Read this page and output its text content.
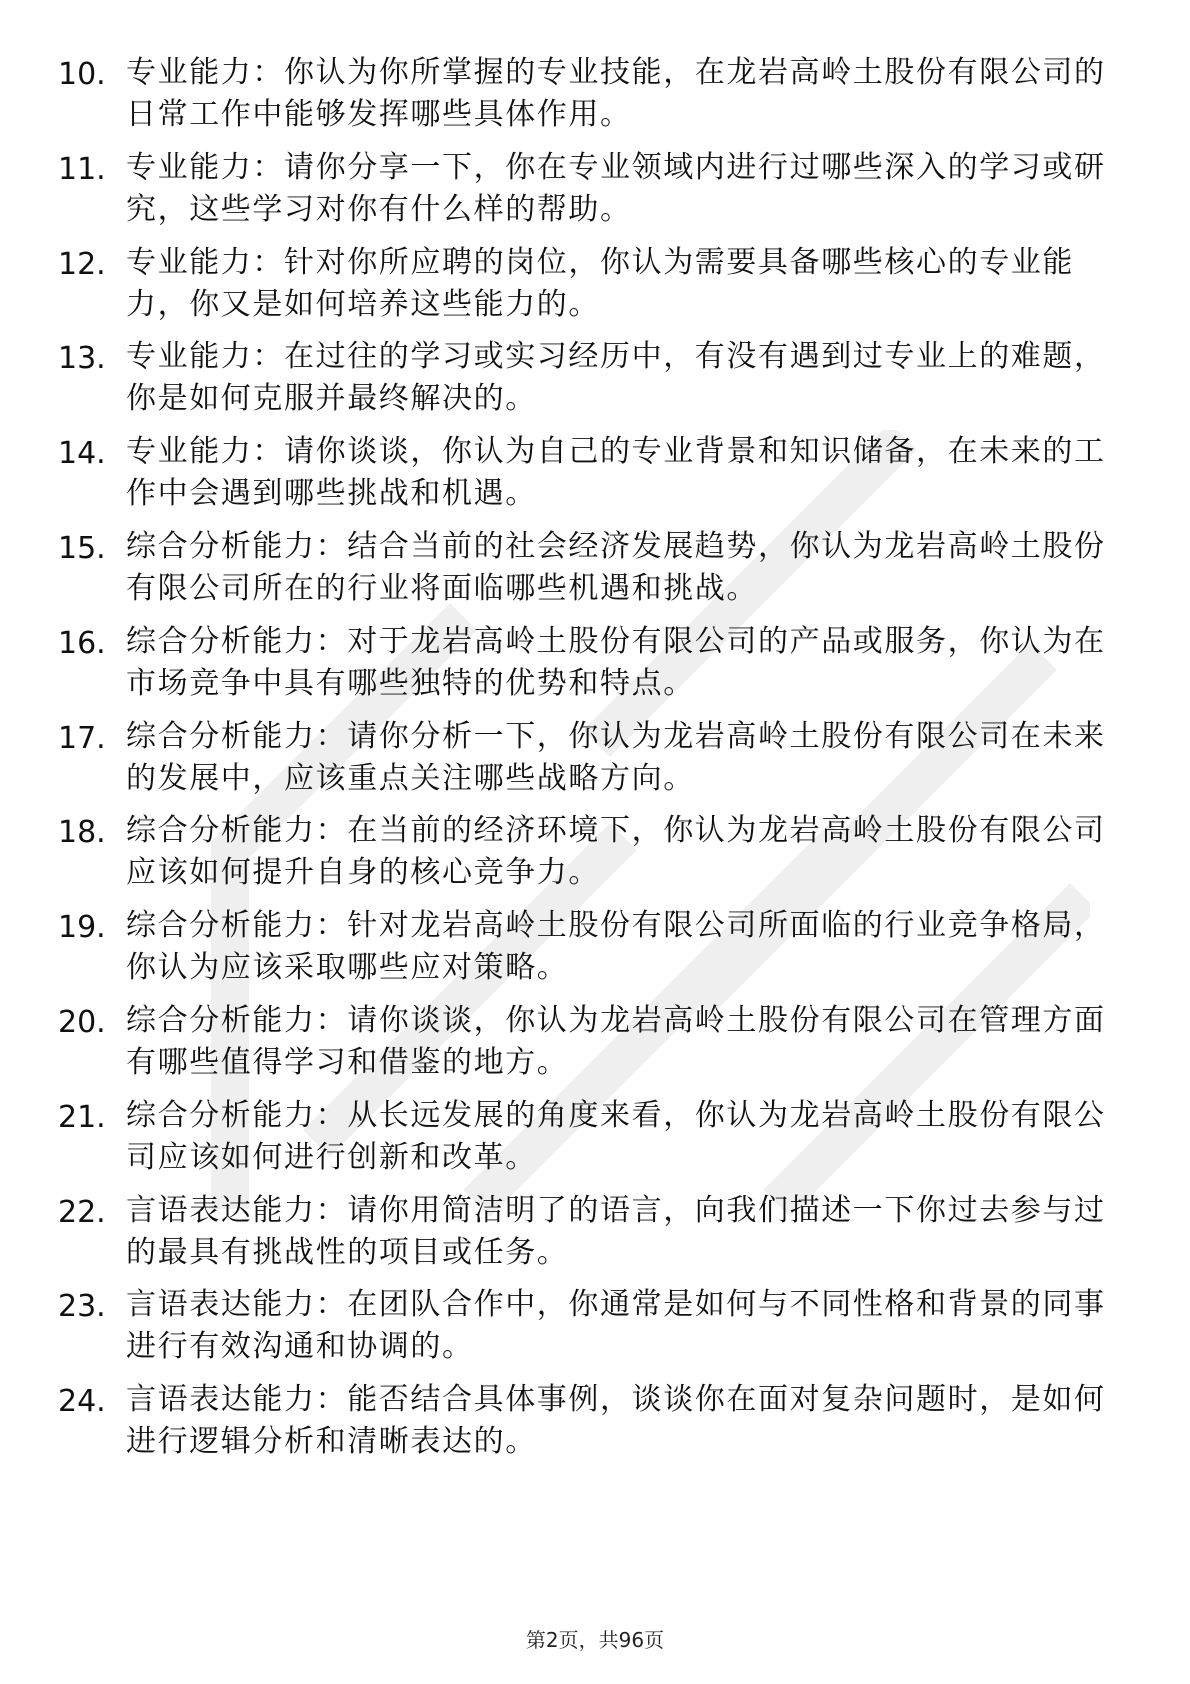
10. 专业能力：你认为你所掌握的专业技能，在龙岩高岭土股份有限公司的日常工作中能够发挥哪些具体作用。
11. 专业能力：请你分享一下，你在专业领域内进行过哪些深入的学习或研究，这些学习对你有什么样的帮助。
12. 专业能力：针对你所应聘的岗位，你认为需要具备哪些核心的专业能力，你又是如何培养这些能力的。
13. 专业能力：在过往的学习或实习经历中，有没有遇到过专业上的难题，你是如何克服并最终解决的。
14. 专业能力：请你谈谈，你认为自己的专业背景和知识储备，在未来的工作中会遇到哪些挑战和机遇。
15. 综合分析能力：结合当前的社会经济发展趋势，你认为龙岩高岭土股份有限公司所在的行业将面临哪些机遇和挑战。
16. 综合分析能力：对于龙岩高岭土股份有限公司的产品或服务，你认为在市场竞争中具有哪些独特的优势和特点。
17. 综合分析能力：请你分析一下，你认为龙岩高岭土股份有限公司在未来的发展中，应该重点关注哪些战略方向。
18. 综合分析能力：在当前的经济环境下，你认为龙岩高岭土股份有限公司应该如何提升自身的核心竞争力。
19. 综合分析能力：针对龙岩高岭土股份有限公司所面临的行业竞争格局，你认为应该采取哪些应对策略。
20. 综合分析能力：请你谈谈，你认为龙岩高岭土股份有限公司在管理方面有哪些值得学习和借鉴的地方。
21. 综合分析能力：从长远发展的角度来看，你认为龙岩高岭土股份有限公司应该如何进行创新和改革。
22. 言语表达能力：请你用简洁明了的语言，向我们描述一下你过去参与过的最具有挑战性的项目或任务。
23. 言语表达能力：在团队合作中，你通常是如何与不同性格和背景的同事进行有效沟通和协调的。
24. 言语表达能力：能否结合具体事例，谈谈你在面对复杂问题时，是如何进行逻辑分析和清晰表达的。
第2页，共96页
